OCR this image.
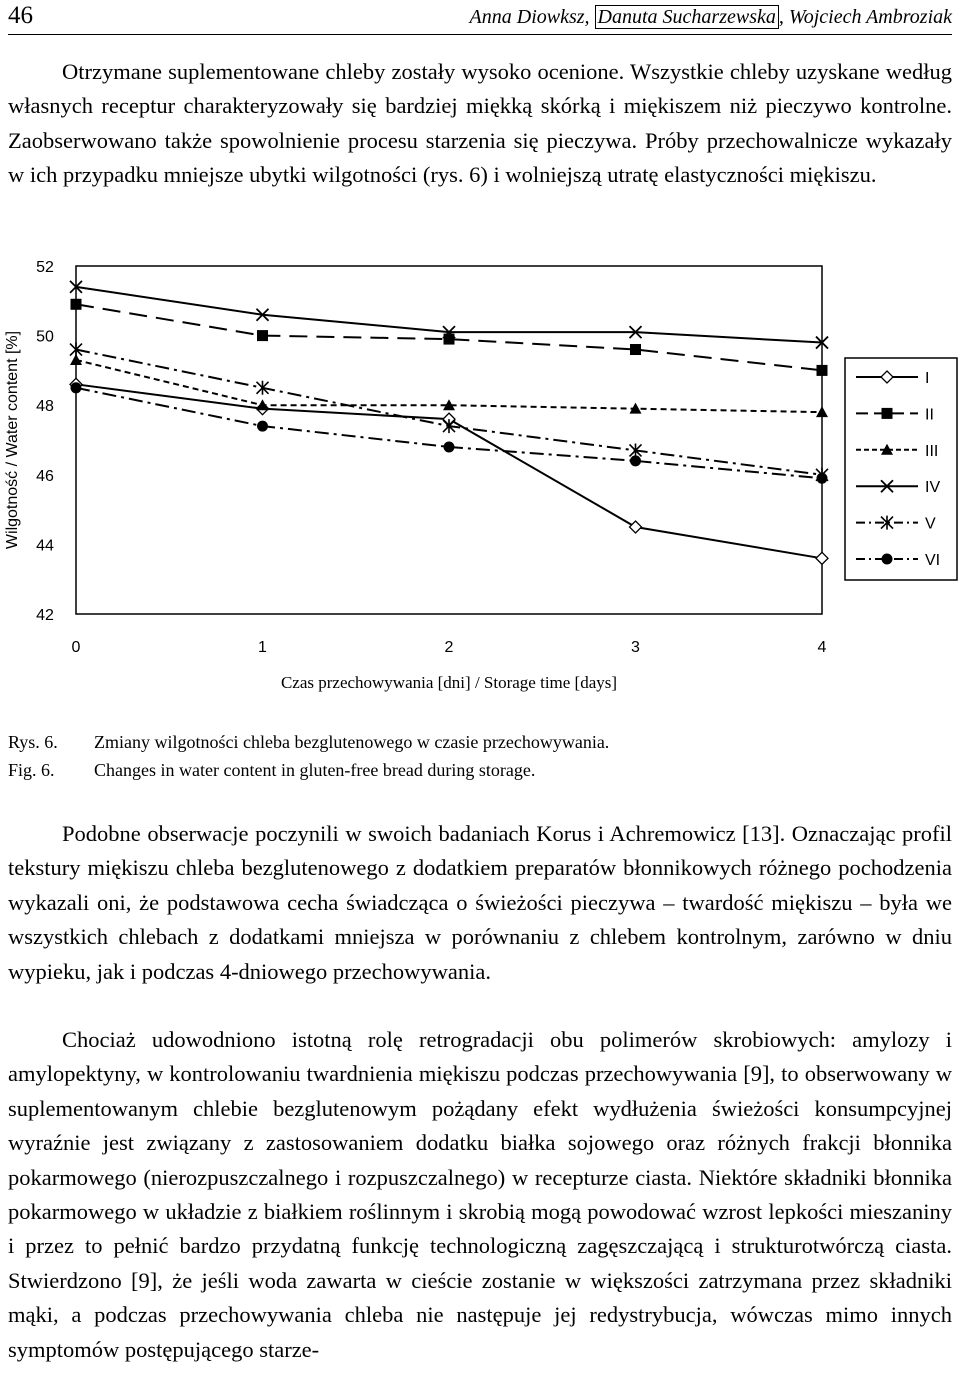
46	Anna Diowksz, Danuta Sucharzewska , Wojciech Ambroziak

Otrzymane suplementowane chleby zostały wysoko ocenione. Wszystkie chleby uzyskane według własnych receptur charakteryzowały się bardziej miękką skórką i miękiszem niż pieczywo kontrolne. Zaobserwowano także spowolnienie procesu starzenia się pieczywa. Próby przechowalnicze wykazały w ich przypadku mniejsze ubytki wilgotności (rys. 6) i wolniejszą utratę elastyczności miękiszu.

52
50
48
46
44
42
0	1	2	3	4
Czas przechowywania [dni] / Storage time [days]
Wilgotność / Water content [%]	I
II
III
IV
V
VI
Rys. 6. Zmiany wilgotności chleba bezglutenowego w czasie przechowywania.
Fig. 6. Changes in water content in gluten-free bread during storage.

Podobne obserwacje poczynili w swoich badaniach Korus i Achremowicz [13]. Oznaczając profil tekstury miękiszu chleba bezglutenowego z dodatkiem preparatów błonnikowych różnego pochodzenia wykazali oni, że podstawowa cecha świadcząca o świeżości pieczywa – twardość miękiszu – była we wszystkich chlebach z dodatkami mniejsza w porównaniu z chlebem kontrolnym, zarówno w dniu wypieku, jak i podczas 4-dniowego przechowywania.

Chociaż udowodniono istotną rolę retrogradacji obu polimerów skrobiowych: amylozy i amylopektyny, w kontrolowaniu twardnienia miękiszu podczas przechowywania [9], to obserwowany w suplementowanym chlebie bezglutenowym pożądany efekt wydłużenia świeżości konsumpcyjnej wyraźnie jest związany z zastosowaniem dodatku białka sojowego oraz różnych frakcji błonnika pokarmowego (nierozpuszczalnego i rozpuszczalnego) w recepturze ciasta. Niektóre składniki błonnika pokarmowego w układzie z białkiem roślinnym i skrobią mogą powodować wzrost lepkości mieszaniny i przez to pełnić bardzo przydatną funkcję technologiczną zagęszczającą i strukturotwórczą ciasta. Stwierdzono [9], że jeśli woda zawarta w cieście zostanie w większości zatrzymana przez składniki mąki, a podczas przechowywania chleba nie następuje jej redystrybucja, wówczas mimo innych symptomów postępującego starze-
